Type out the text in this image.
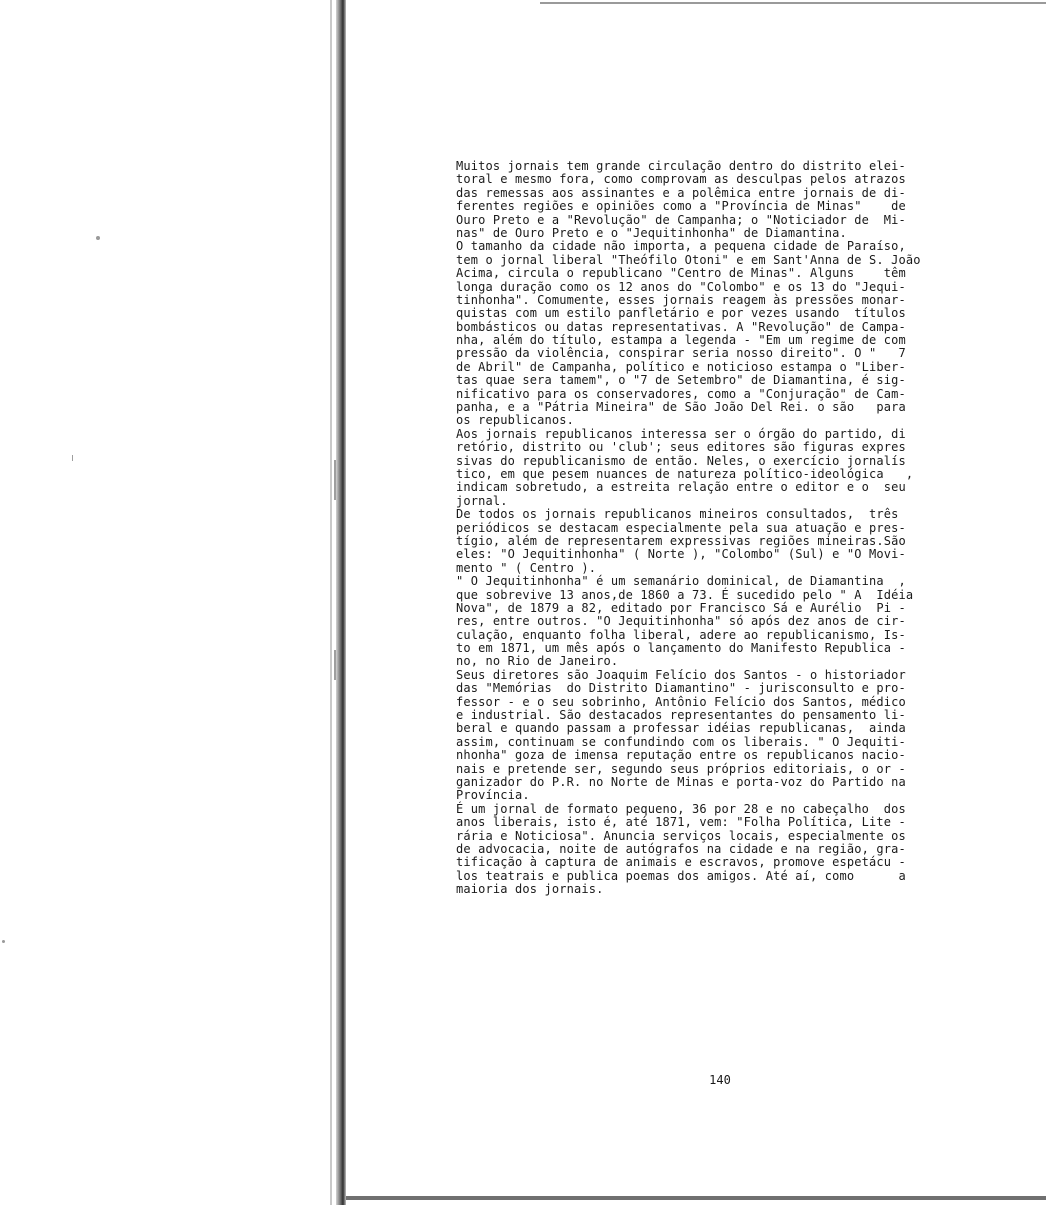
Muitos jornais tem grande circulação dentro do distrito elei-
toral e mesmo fora, como comprovam as desculpas pelos atrazos
das remessas aos assinantes e a polêmica entre jornais de di-
ferentes regiões e opiniões como a "Província de Minas"    de
Ouro Preto e a "Revolução" de Campanha; o "Noticiador de  Mi-
nas" de Ouro Preto e o "Jequitinhonha" de Diamantina.
O tamanho da cidade não importa, a pequena cidade de Paraíso,
tem o jornal liberal "Theófilo Otoni" e em Sant'Anna de S. João
Acima, circula o republicano "Centro de Minas". Alguns    têm
longa duração como os 12 anos do "Colombo" e os 13 do "Jequi-
tinhonha". Comumente, esses jornais reagem às pressões monar-
quistas com um estilo panfletário e por vezes usando  títulos
bombásticos ou datas representativas. A "Revolução" de Campa-
nha, além do título, estampa a legenda - "Em um regime de com
pressão da violência, conspirar seria nosso direito". O "   7
de Abril" de Campanha, político e noticioso estampa o "Liber-
tas quae sera tamem", o "7 de Setembro" de Diamantina, é sig-
nificativo para os conservadores, como a "Conjuração" de Cam-
panha, e a "Pátria Mineira" de São João Del Rei. o são   para
os republicanos.
Aos jornais republicanos interessa ser o órgão do partido, di
retório, distrito ou 'club'; seus editores são figuras expres
sivas do republicanismo de então. Neles, o exercício jornalís
tico, em que pesem nuances de natureza político-ideológica   ,
indicam sobretudo, a estreita relação entre o editor e o  seu
jornal.
De todos os jornais republicanos mineiros consultados,  três
periódicos se destacam especialmente pela sua atuação e pres-
tígio, além de representarem expressivas regiões mineiras.São
eles: "O Jequitinhonha" ( Norte ), "Colombo" (Sul) e "O Movi-
mento " ( Centro ).
" O Jequitinhonha" é um semanário dominical, de Diamantina  ,
que sobrevive 13 anos,de 1860 a 73. É sucedido pelo " A  Idéia
Nova", de 1879 a 82, editado por Francisco Sá e Aurélio  Pi -
res, entre outros. "O Jequitinhonha" só após dez anos de cir-
culação, enquanto folha liberal, adere ao republicanismo, Is-
to em 1871, um mês após o lançamento do Manifesto Republica -
no, no Rio de Janeiro.
Seus diretores são Joaquim Felício dos Santos - o historiador
das "Memórias  do Distrito Diamantino" - jurisconsulto e pro-
fessor - e o seu sobrinho, Antônio Felício dos Santos, médico
e industrial. São destacados representantes do pensamento li-
beral e quando passam a professar idéias republicanas,  ainda
assim, continuam se confundindo com os liberais. " O Jequiti-
nhonha" goza de imensa reputação entre os republicanos nacio-
nais e pretende ser, segundo seus próprios editoriais, o or -
ganizador do P.R. no Norte de Minas e porta-voz do Partido na
Província.
É um jornal de formato pequeno, 36 por 28 e no cabeçalho  dos
anos liberais, isto é, até 1871, vem: "Folha Política, Lite -
rária e Noticiosa". Anuncia serviços locais, especialmente os
de advocacia, noite de autógrafos na cidade e na região, gra-
tificação à captura de animais e escravos, promove espetácu -
los teatrais e publica poemas dos amigos. Até aí, como      a
maioria dos jornais.
140
